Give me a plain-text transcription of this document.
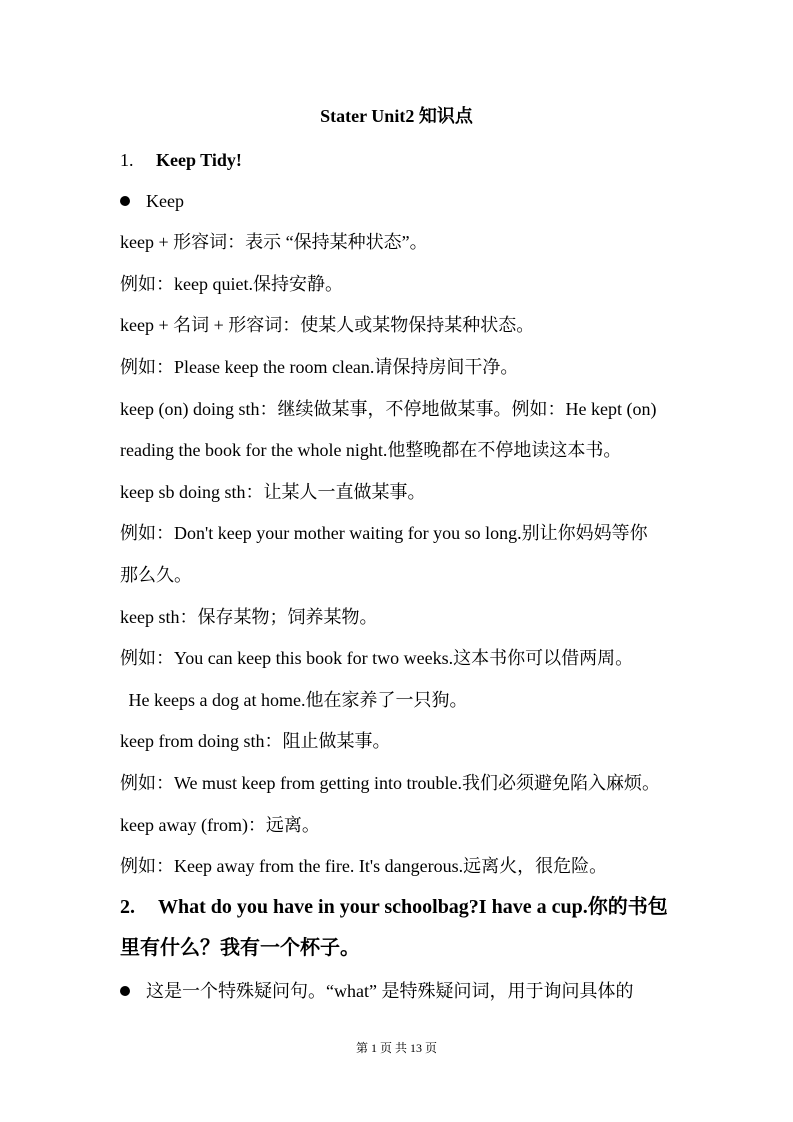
Stater Unit2 知识点
1. Keep Tidy!
Keep
keep + 形容词：表示 “保持某种状态”。
例如：keep quiet.保持安静。
keep + 名词 + 形容词：使某人或某物保持某种状态。
例如：Please keep the room clean.请保持房间干净。
keep (on) doing sth：继续做某事，不停地做某事。例如：He kept (on)
reading the book for the whole night.他整晚都在不停地读这本书。
keep sb doing sth：让某人一直做某事。
例如：Don't keep your mother waiting for you so long.别让你妈妈等你
那么久。
keep sth：保存某物；饲养某物。
例如：You can keep this book for two weeks.这本书你可以借两周。
He keeps a dog at home.他在家养了一只狗。
keep from doing sth：阻止做某事。
例如：We must keep from getting into trouble.我们必须避免陷入麻烦。
keep away (from)：远离。
例如：Keep away from the fire. It's dangerous.远离火，很危险。
2. What do you have in your schoolbag?I have a cup.你的书包
里有什么？我有一个杯子。
这是一个特殊疑问句。“what” 是特殊疑问词，用于询问具体的
第 1 页 共 13 页
